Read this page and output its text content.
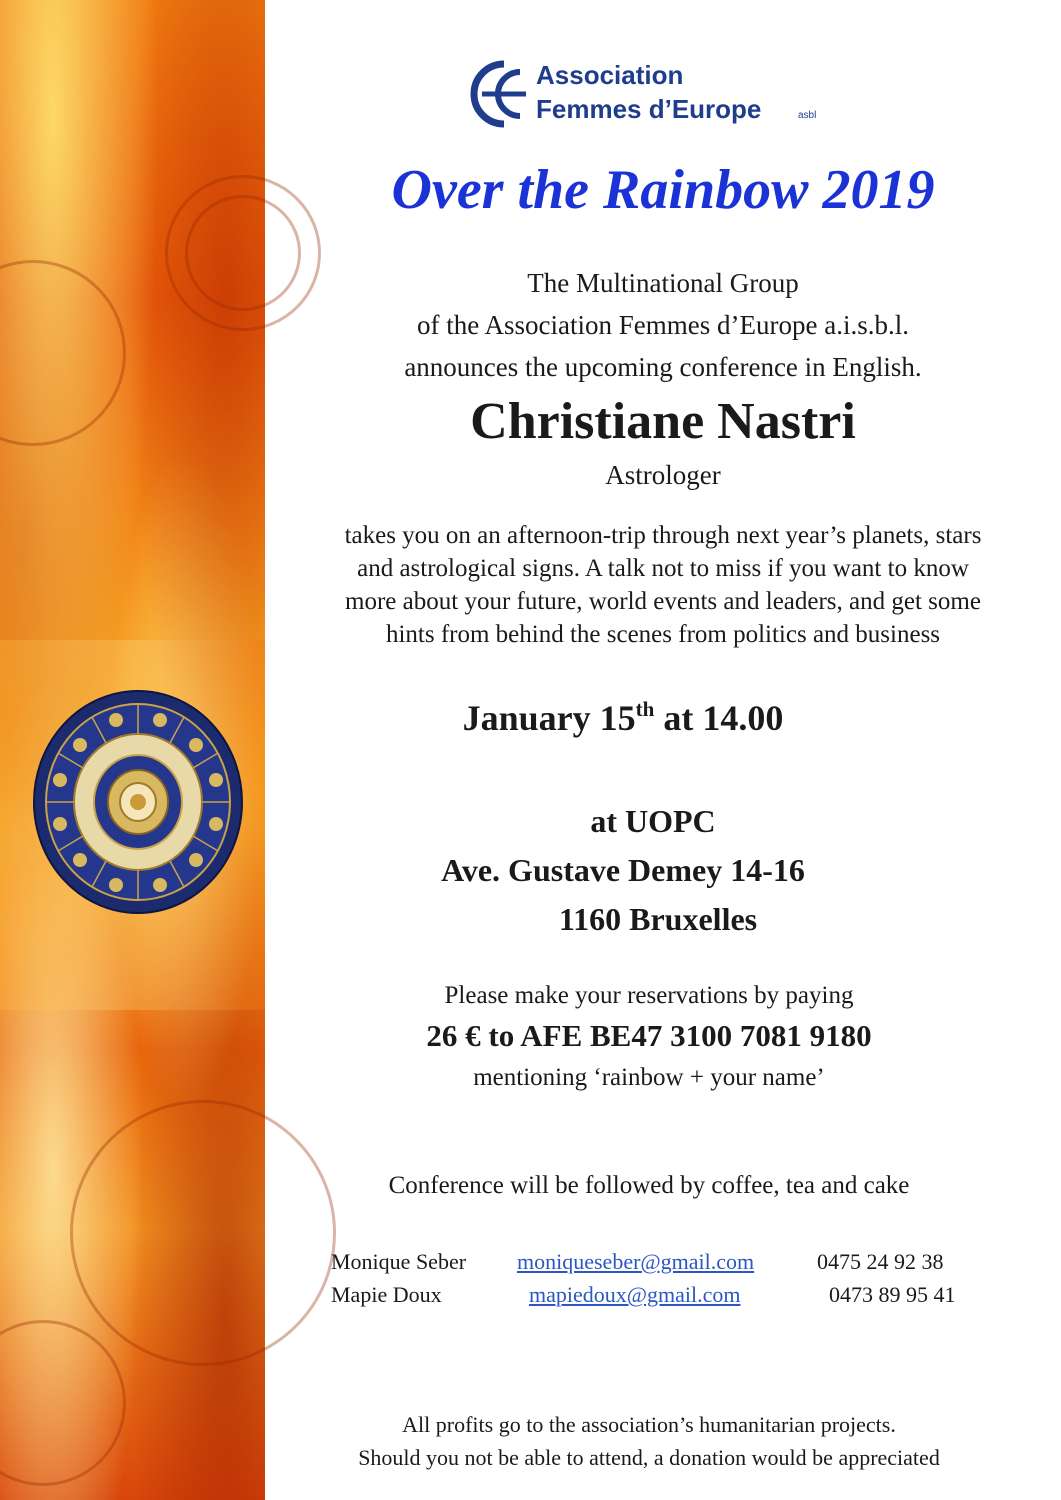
Association
Femmes d’Europe	asbl
Over the Rainbow 2019
The Multinational Group
of the Association Femmes d’Europe a.i.s.b.l.
announces the upcoming conference in English.
Christiane Nastri
Astrologer
takes you on an afternoon-trip through next year’s planets, stars
and astrological signs. A talk not to miss if you want to know
more about your future, world events and leaders, and get some
hints from behind the scenes from politics and business
January 15th at 14.00
at UOPC
Ave. Gustave Demey 14-16
1160 Bruxelles
Please make your reservations by paying
26 € to AFE BE47 3100 7081 9180
mentioning ‘rainbow + your name’
Conference will be followed by coffee, tea and cake
Monique Seber	moniqueseber@gmail.com	0475 24 92 38
Mapie Doux	mapiedoux@gmail.com	0473 89 95 41
All profits go to the association’s humanitarian projects.
Should you not be able to attend, a donation would be appreciated
